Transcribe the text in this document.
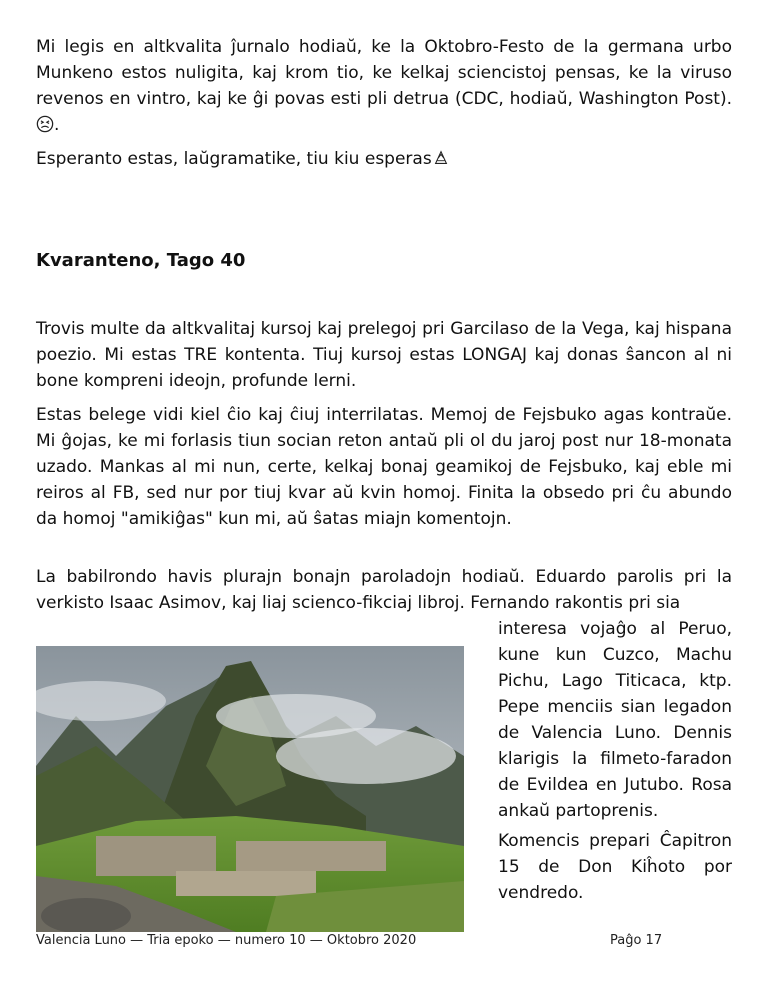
Mi legis en altkvalita ĵurnalo hodiaŭ, ke la Oktobro-Festo de la germana urbo Munkeno estos nuligita, kaj krom tio, ke kelkaj sciencistoj pensas, ke la viruso revenos en vintro, kaj ke ĝi povas esti pli detrua (CDC, hodiaŭ, Washington Post). .

Esperanto estas, laŭgramatike, tiu kiu esperas

Kvaranteno, Tago 40

Trovis multe da altkvalitaj kursoj kaj prelegoj pri Garcilaso de la Vega, kaj hispana poezio. Mi estas TRE kontenta. Tiuj kursoj estas LONGAJ kaj donas ŝancon al ni bone kompreni ideojn, profunde lerni.

Estas belege vidi kiel ĉio kaj ĉiuj interrilatas. Memoj de Fejsbuko agas kontraŭe. Mi ĝojas, ke mi forlasis tiun socian reton antaŭ pli ol du jaroj post nur 18-monata uzado. Mankas al mi nun, certe, kelkaj bonaj geamikoj de Fejsbuko, kaj eble mi reiros al FB, sed nur por tiuj kvar aŭ kvin homoj. Finita la obsedo pri ĉu abundo da homoj "amikiĝas" kun mi, aŭ ŝatas miajn komentojn.

La babilrondo havis plurajn bonajn paroladojn hodiaŭ. Eduardo parolis pri la verkisto Isaac Asimov, kaj liaj scienco-fikciaj libroj. Fernando rakontis pri sia

interesa vojaĝo al Peruo, kune kun Cuzco, Machu Pichu, Lago Titicaca, ktp. Pepe menciis sian legadon de Valencia Luno. Dennis klarigis la filmeto-faradon de Evildea en Jutubo. Rosa ankaŭ partoprenis.

Komencis prepari Ĉapitron 15 de Don Kiĥoto por vendredo.

Valencia Luno — Tria epoko — numero 10 — Oktobro 2020	Paĝo 17
